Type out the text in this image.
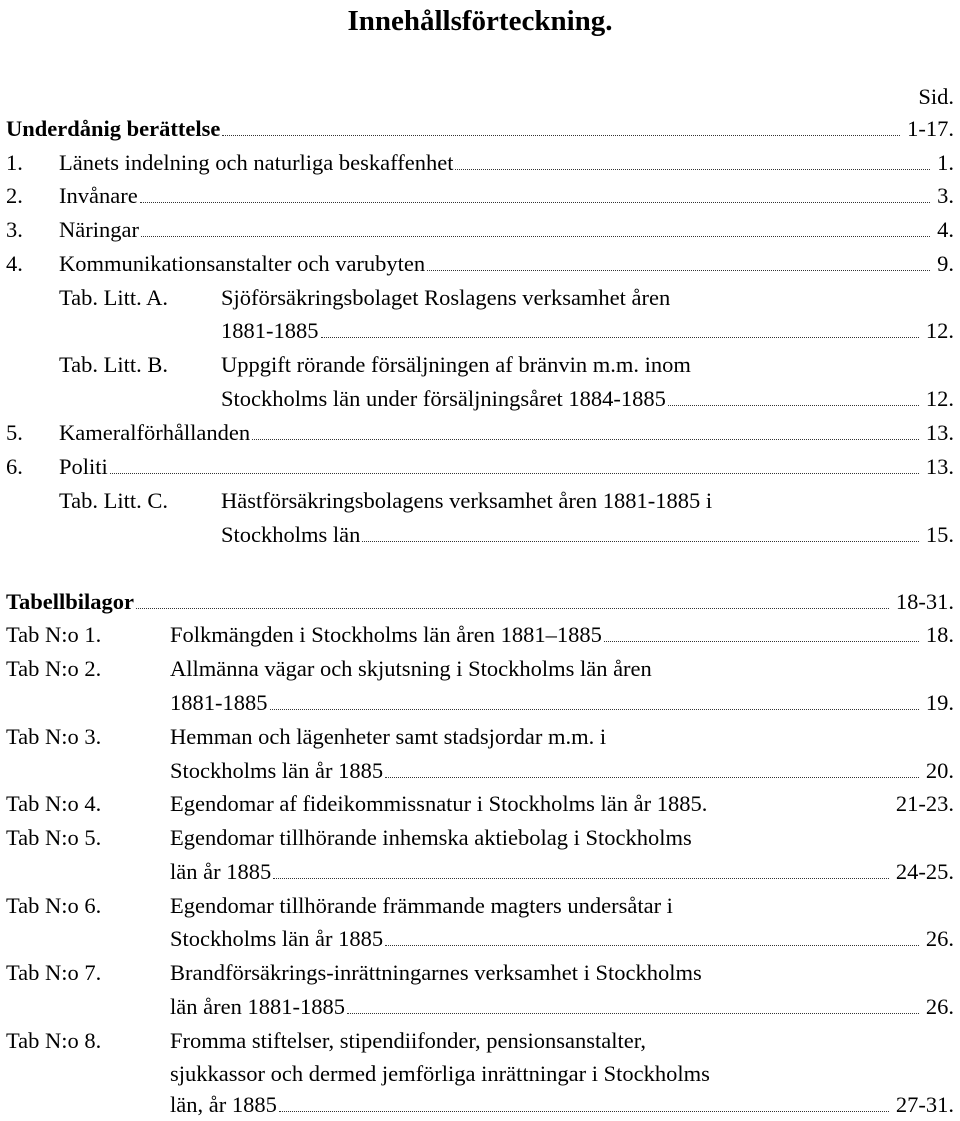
Innehållsförteckning.
Sid.
Underdånig berättelse	1-17.
1.	Länets indelning och naturliga beskaffenhet	1.
2.	Invånare	3.
3.	Näringar	4.
4.	Kommunikationsanstalter och varubyten	9.
Tab. Litt. A.	Sjöförsäkringsbolaget Roslagens verksamhet åren
1881-1885	12.
Tab. Litt. B.	Uppgift rörande försäljningen af bränvin m.m. inom
Stockholms län under försäljningsåret 1884-1885	12.
5.	Kameralförhållanden	13.
6.	Politi	13.
Tab. Litt. C.	Hästförsäkringsbolagens verksamhet åren 1881-1885 i
Stockholms län	15.
Tabellbilagor	18-31.
Tab N:o 1.	Folkmängden i Stockholms län åren 1881–1885	18.
Tab N:o 2.	Allmänna vägar och skjutsning i Stockholms län åren
1881-1885	19.
Tab N:o 3.	Hemman och lägenheter samt stadsjordar m.m. i
Stockholms län år 1885	20.
Tab N:o 4.	Egendomar af fideikommissnatur i Stockholms län år 1885.	21-23.
Tab N:o 5.	Egendomar tillhörande inhemska aktiebolag i Stockholms
län år 1885	24-25.
Tab N:o 6.	Egendomar tillhörande främmande magters undersåtar i
Stockholms län år 1885	26.
Tab N:o 7.	Brandförsäkrings-inrättningarnes verksamhet i Stockholms
län åren 1881-1885	26.
Tab N:o 8.	Fromma stiftelser, stipendiifonder, pensionsanstalter,
sjukkassor och dermed jemförliga inrättningar i Stockholms
län, år 1885	27-31.
